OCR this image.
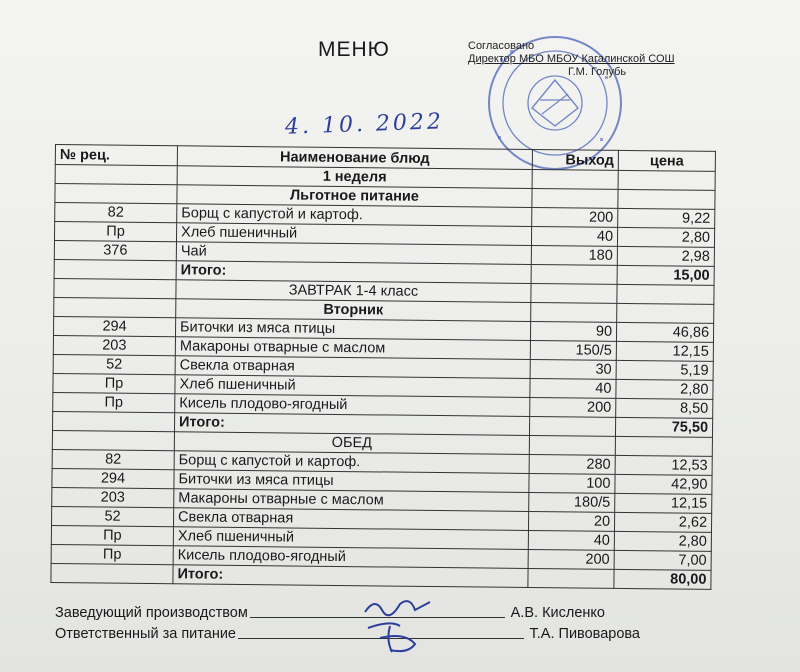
МЕНЮ	Согласовано
Директор МБО МБОУ Кагалинской СОШ
Г.М. Голубь
4. 10. 2022
№ рец.	Наименование блюд	Выход	цена
	1 неделя		
	Льготное питание		
82	Борщ с капустой и картоф.	200	9,22
Пр	Хлеб пшеничный	40	2,80
376	Чай	180	2,98
	Итого:		15,00
	ЗАВТРАК 1-4 класс		
	Вторник		
294	Биточки из мяса птицы	90	46,86
203	Макароны отварные с маслом	150/5	12,15
52	Свекла отварная	30	5,19
Пр	Хлеб пшеничный	40	2,80
Пр	Кисель плодово-ягодный	200	8,50
	Итого:		75,50
	ОБЕД		
82	Борщ с капустой и картоф.	280	12,53
294	Биточки из мяса птицы	100	42,90
203	Макароны отварные с маслом	180/5	12,15
52	Свекла отварная	20	2,62
Пр	Хлеб пшеничный	40	2,80
Пр	Кисель плодово-ягодный	200	7,00
	Итого:		80,00
Заведующий производством	А.В. Кисленко
Ответственный за питание	Т.А. Пивоварова
